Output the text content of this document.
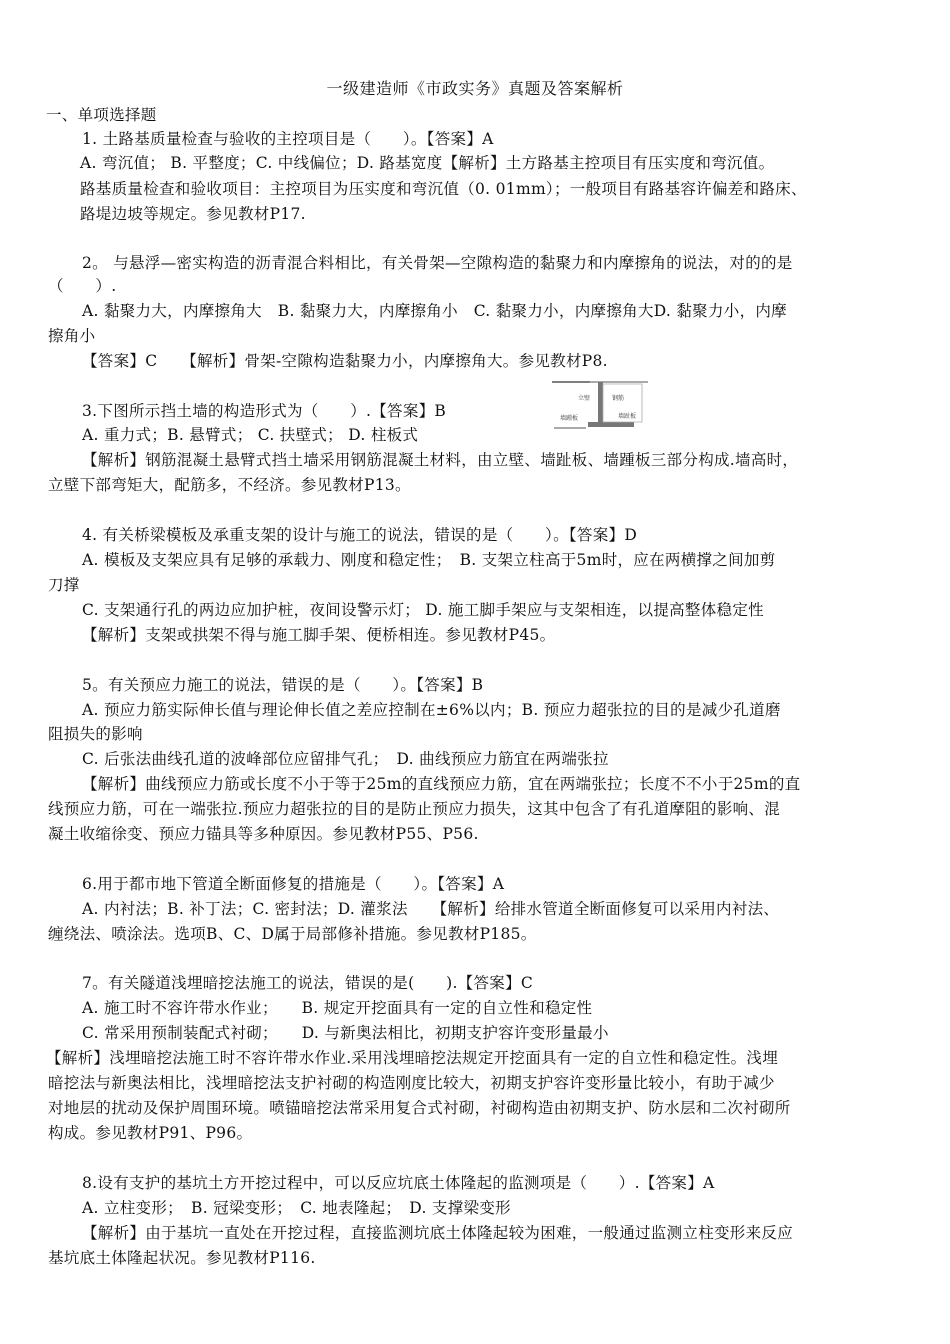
一级建造师《市政实务》真题及答案解析
一、单项选择题
1. 土路基质量检查与验收的主控项目是（　　）。【答案】A
A. 弯沉值； B. 平整度；C. 中线偏位；D. 路基宽度【解析】土方路基主控项目有压实度和弯沉值。
路基质量检查和验收项目：主控项目为压实度和弯沉值（0. 01mm）；一般项目有路基容许偏差和路床、
路堤边坡等规定。参见教材P17.
2。 与悬浮—密实构造的沥青混合料相比，有关骨架—空隙构造的黏聚力和内摩擦角的说法，对的的是
（　　）.
A. 黏聚力大，内摩擦角大　B. 黏聚力大，内摩擦角小　C. 黏聚力小，内摩擦角大D. 黏聚力小，内摩
擦角小
【答案】C　　【解析】骨架-空隙构造黏聚力小，内摩擦角大。参见教材P8.
3.下图所示挡土墙的构造形式为（　　）.【答案】B
A. 重力式；B. 悬臂式； C. 扶壁式； D. 柱板式
【解析】钢筋混凝土悬臂式挡土墙采用钢筋混凝土材料，由立壁、墙趾板、墙踵板三部分构成.墙高时，
立壁下部弯矩大，配筋多，不经济。参见教材P13。
立壁	钢筋
墙踵板	墙趾板
4. 有关桥梁模板及承重支架的设计与施工的说法，错误的是（　　）。【答案】D
A. 模板及支架应具有足够的承载力、刚度和稳定性；　B. 支架立柱高于5m时，应在两横撑之间加剪
刀撑
C. 支架通行孔的两边应加护桩，夜间设警示灯； D. 施工脚手架应与支架相连，以提高整体稳定性
【解析】支架或拱架不得与施工脚手架、便桥相连。参见教材P45。
5。有关预应力施工的说法，错误的是（　　）。【答案】B
A. 预应力筋实际伸长值与理论伸长值之差应控制在±6%以内；B. 预应力超张拉的目的是减少孔道磨
阻损失的影响
C. 后张法曲线孔道的波峰部位应留排气孔；　D. 曲线预应力筋宜在两端张拉
【解析】曲线预应力筋或长度不小于等于25m的直线预应力筋，宜在两端张拉；长度不不小于25m的直
线预应力筋，可在一端张拉.预应力超张拉的目的是防止预应力损失，这其中包含了有孔道摩阻的影响、混
凝土收缩徐变、预应力锚具等多种原因。参见教材P55、P56.
6.用于都市地下管道全断面修复的措施是（　　）。【答案】A
A. 内衬法；B. 补丁法；C. 密封法；D. 灌浆法　　【解析】给排水管道全断面修复可以采用内衬法、
缠绕法、喷涂法。选项B、C、D属于局部修补措施。参见教材P185。
7。有关隧道浅埋暗挖法施工的说法，错误的是(　　).【答案】C
A. 施工时不容许带水作业；　　B. 规定开挖面具有一定的自立性和稳定性
C. 常采用预制装配式衬砌；　　D. 与新奥法相比，初期支护容许变形量最小
【解析】浅埋暗挖法施工时不容许带水作业.采用浅埋暗挖法规定开挖面具有一定的自立性和稳定性。浅埋
暗挖法与新奥法相比，浅埋暗挖法支护衬砌的构造刚度比较大，初期支护容许变形量比较小，有助于减少
对地层的扰动及保护周围环境。喷锚暗挖法常采用复合式衬砌，衬砌构造由初期支护、防水层和二次衬砌所
构成。参见教材P91、P96。
8.设有支护的基坑土方开挖过程中，可以反应坑底土体隆起的监测项是（　　）.【答案】A
A. 立柱变形；　B. 冠梁变形；　C. 地表隆起；　D. 支撑梁变形
【解析】由于基坑一直处在开挖过程，直接监测坑底土体隆起较为困难，一般通过监测立柱变形来反应
基坑底土体隆起状况。参见教材P116.
